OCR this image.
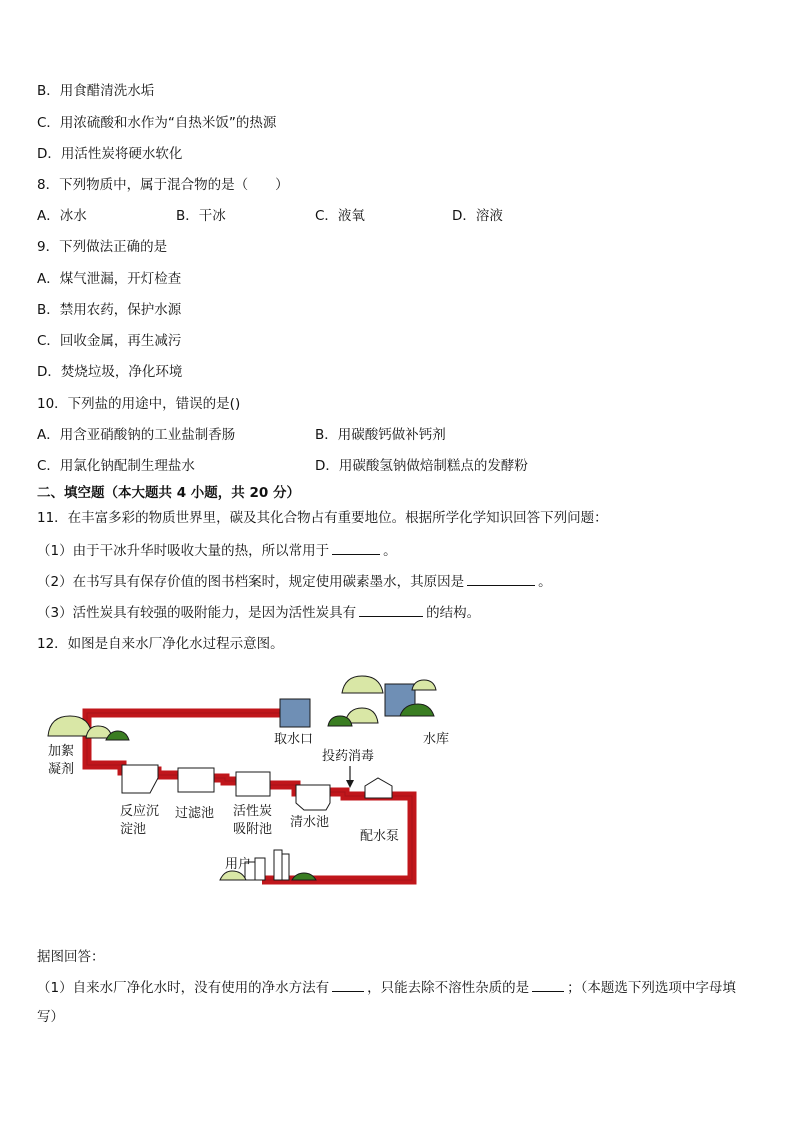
B．用食醋清洗水垢
C．用浓硫酸和水作为“自热米饭”的热源
D．用活性炭将硬水软化
8．下列物质中，属于混合物的是（　　）
A．冰水	B．干冰	C．液氧	D．溶液
9．下列做法正确的是
A．煤气泄漏，开灯检查
B．禁用农药，保护水源
C．回收金属，再生减污
D．焚烧垃圾，净化环境
10．下列盐的用途中，错误的是()
A．用含亚硝酸钠的工业盐制香肠	B．用碳酸钙做补钙剂
C．用氯化钠配制生理盐水	D．用碳酸氢钠做焙制糕点的发酵粉
二、填空题（本大题共 4 小题，共 20 分）
11．在丰富多彩的物质世界里，碳及其化合物占有重要地位。根据所学化学知识回答下列问题：
（1）由于干冰升华时吸收大量的热，所以常用于	。
（2）在书写具有保存价值的图书档案时，规定使用碳素墨水，其原因是	。
（3）活性炭具有较强的吸附能力，是因为活性炭具有	的结构。
12．如图是自来水厂净化水过程示意图。
取水口	水库
加絮
凝剂
投药消毒
反应沉
淀池
过滤池 活性炭
吸附池 清水池
配水泵
用户
据图回答：
（1）自来水厂净化水时，没有使用的净水方法有	，只能去除不溶性杂质的是	；（本题选下列选项中字母填
写）
